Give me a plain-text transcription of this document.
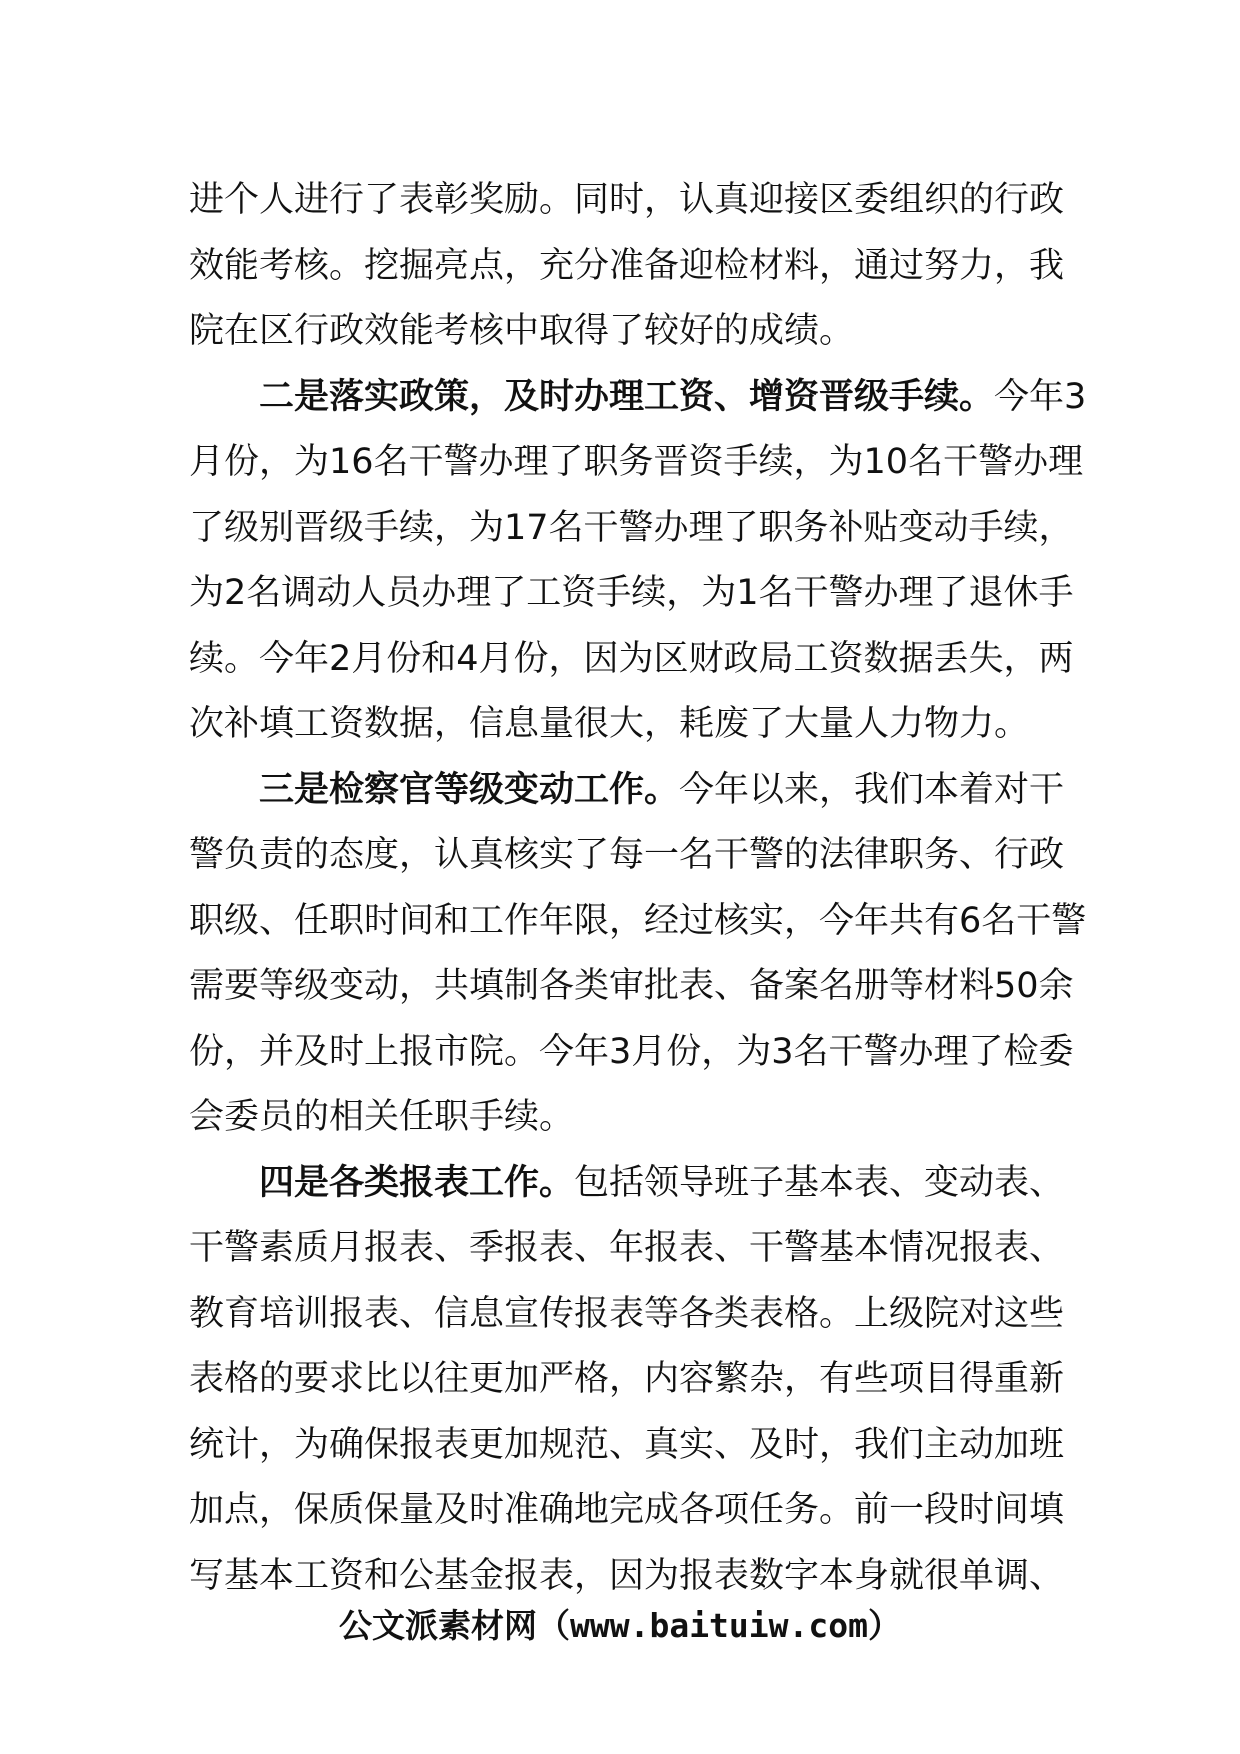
进个人进行了表彰奖励。同时，认真迎接区委组织的行政
效能考核。挖掘亮点，充分准备迎检材料，通过努力，我
院在区行政效能考核中取得了较好的成绩。
二是落实政策，及时办理工资、增资晋级手续。今年3
月份，为16名干警办理了职务晋资手续，为10名干警办理
了级别晋级手续，为17名干警办理了职务补贴变动手续，
为2名调动人员办理了工资手续，为1名干警办理了退休手
续。今年2月份和4月份，因为区财政局工资数据丢失，两
次补填工资数据，信息量很大，耗废了大量人力物力。
三是检察官等级变动工作。今年以来，我们本着对干
警负责的态度，认真核实了每一名干警的法律职务、行政
职级、任职时间和工作年限，经过核实，今年共有6名干警
需要等级变动，共填制各类审批表、备案名册等材料50余
份，并及时上报市院。今年3月份，为3名干警办理了检委
会委员的相关任职手续。
四是各类报表工作。包括领导班子基本表、变动表、
干警素质月报表、季报表、年报表、干警基本情况报表、
教育培训报表、信息宣传报表等各类表格。上级院对这些
表格的要求比以往更加严格，内容繁杂，有些项目得重新
统计，为确保报表更加规范、真实、及时，我们主动加班
加点，保质保量及时准确地完成各项任务。前一段时间填
写基本工资和公基金报表，因为报表数字本身就很单调、
公文派素材网（www.baituiw.com）
